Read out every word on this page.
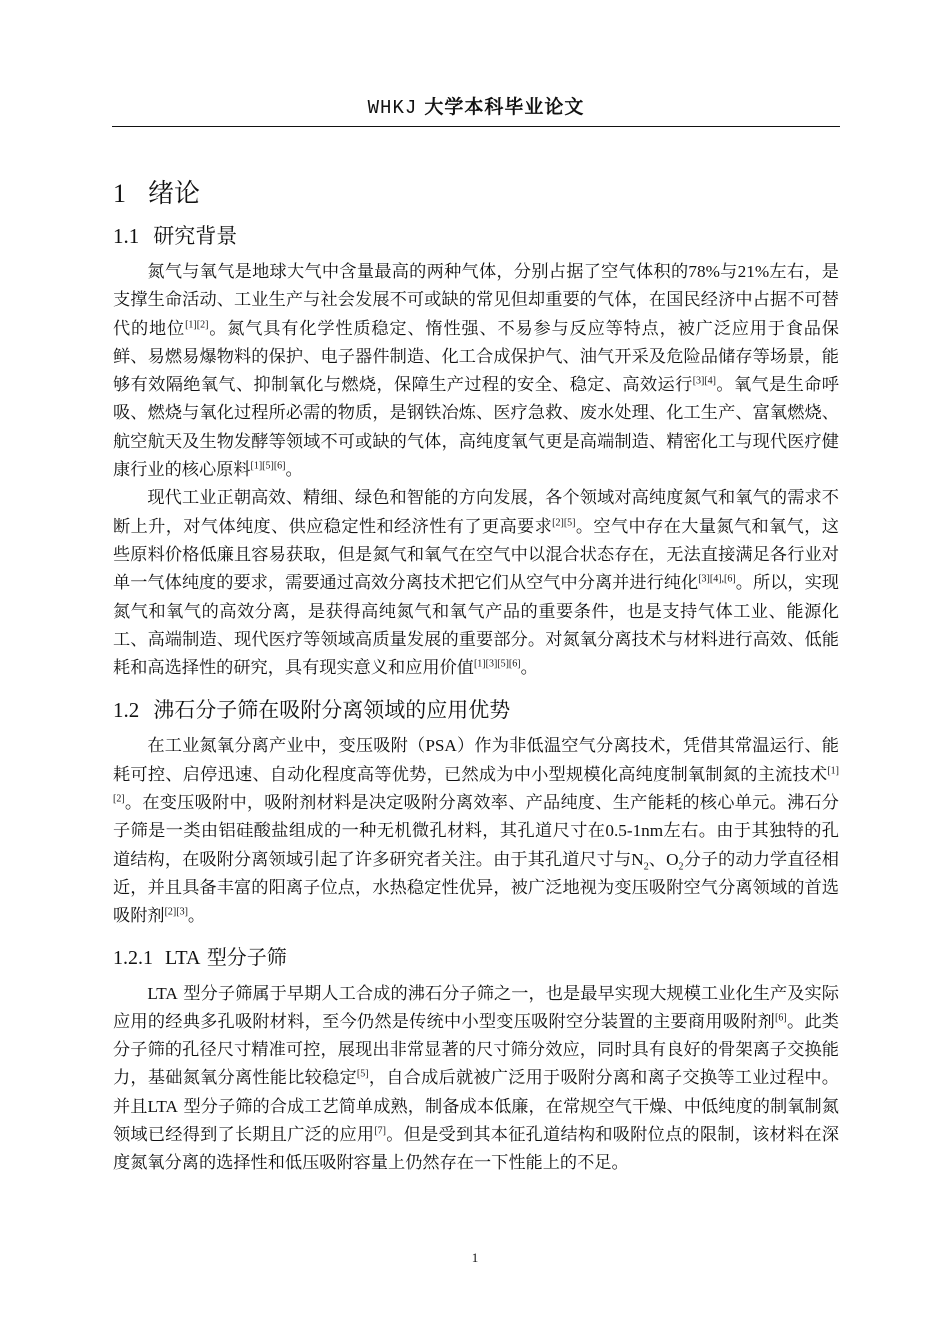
WHKJ 大学本科毕业论文
1 绪论
1.1 研究背景

氮气与氧气是地球大气中含量最高的两种气体，分别占据了空气体积的78%与21%左右，是支撑生命活动、工业生产与社会发展不可或缺的常见但却重要的气体，在国民经济中占据不可替代的地位[1][2]。氮气具有化学性质稳定、惰性强、不易参与反应等特点，被广泛应用于食品保鲜、易燃易爆物料的保护、电子器件制造、化工合成保护气、油气开采及危险品储存等场景，能够有效隔绝氧气、抑制氧化与燃烧，保障生产过程的安全、稳定、高效运行[3][4]。氧气是生命呼吸、燃烧与氧化过程所必需的物质，是钢铁冶炼、医疗急救、废水处理、化工生产、富氧燃烧、航空航天及生物发酵等领域不可或缺的气体，高纯度氧气更是高端制造、精密化工与现代医疗健康行业的核心原料[1][5][6]。

现代工业正朝高效、精细、绿色和智能的方向发展，各个领域对高纯度氮气和氧气的需求不断上升，对气体纯度、供应稳定性和经济性有了更高要求[2][5]。空气中存在大量氮气和氧气，这些原料价格低廉且容易获取，但是氮气和氧气在空气中以混合状态存在，无法直接满足各行业对单一气体纯度的要求，需要通过高效分离技术把它们从空气中分离并进行纯化[3][4],[6]。所以，实现氮气和氧气的高效分离，是获得高纯氮气和氧气产品的重要条件，也是支持气体工业、能源化工、高端制造、现代医疗等领域高质量发展的重要部分。对氮氧分离技术与材料进行高效、低能耗和高选择性的研究，具有现实意义和应用价值[1][3][5][6]。

1.2 沸石分子筛在吸附分离领域的应用优势

在工业氮氧分离产业中，变压吸附（PSA）作为非低温空气分离技术，凭借其常温运行、能耗可控、启停迅速、自动化程度高等优势，已然成为中小型规模化高纯度制氧制氮的主流技术[1][2]。在变压吸附中，吸附剂材料是决定吸附分离效率、产品纯度、生产能耗的核心单元。沸石分子筛是一类由铝硅酸盐组成的一种无机微孔材料，其孔道尺寸在0.5-1nm左右。由于其独特的孔道结构，在吸附分离领域引起了许多研究者关注。由于其孔道尺寸与$N_2$、$O_2$分子的动力学直径相近，并且具备丰富的阳离子位点，水热稳定性优异，被广泛地视为变压吸附空气分离领域的首选吸附剂[2][3]。

1.2.1 LTA 型分子筛

LTA 型分子筛属于早期人工合成的沸石分子筛之一，也是最早实现大规模工业化生产及实际应用的经典多孔吸附材料，至今仍然是传统中小型变压吸附空分装置的主要商用吸附剂[6]。此类分子筛的孔径尺寸精准可控，展现出非常显著的尺寸筛分效应，同时具有良好的骨架离子交换能力，基础氮氧分离性能比较稳定[5]，自合成后就被广泛用于吸附分离和离子交换等工业过程中。并且LTA 型分子筛的合成工艺简单成熟，制备成本低廉，在常规空气干燥、中低纯度的制氧制氮领域已经得到了长期且广泛的应用[7]。但是受到其本征孔道结构和吸附位点的限制，该材料在深度氮氧分离的选择性和低压吸附容量上仍然存在一下性能上的不足。

1
